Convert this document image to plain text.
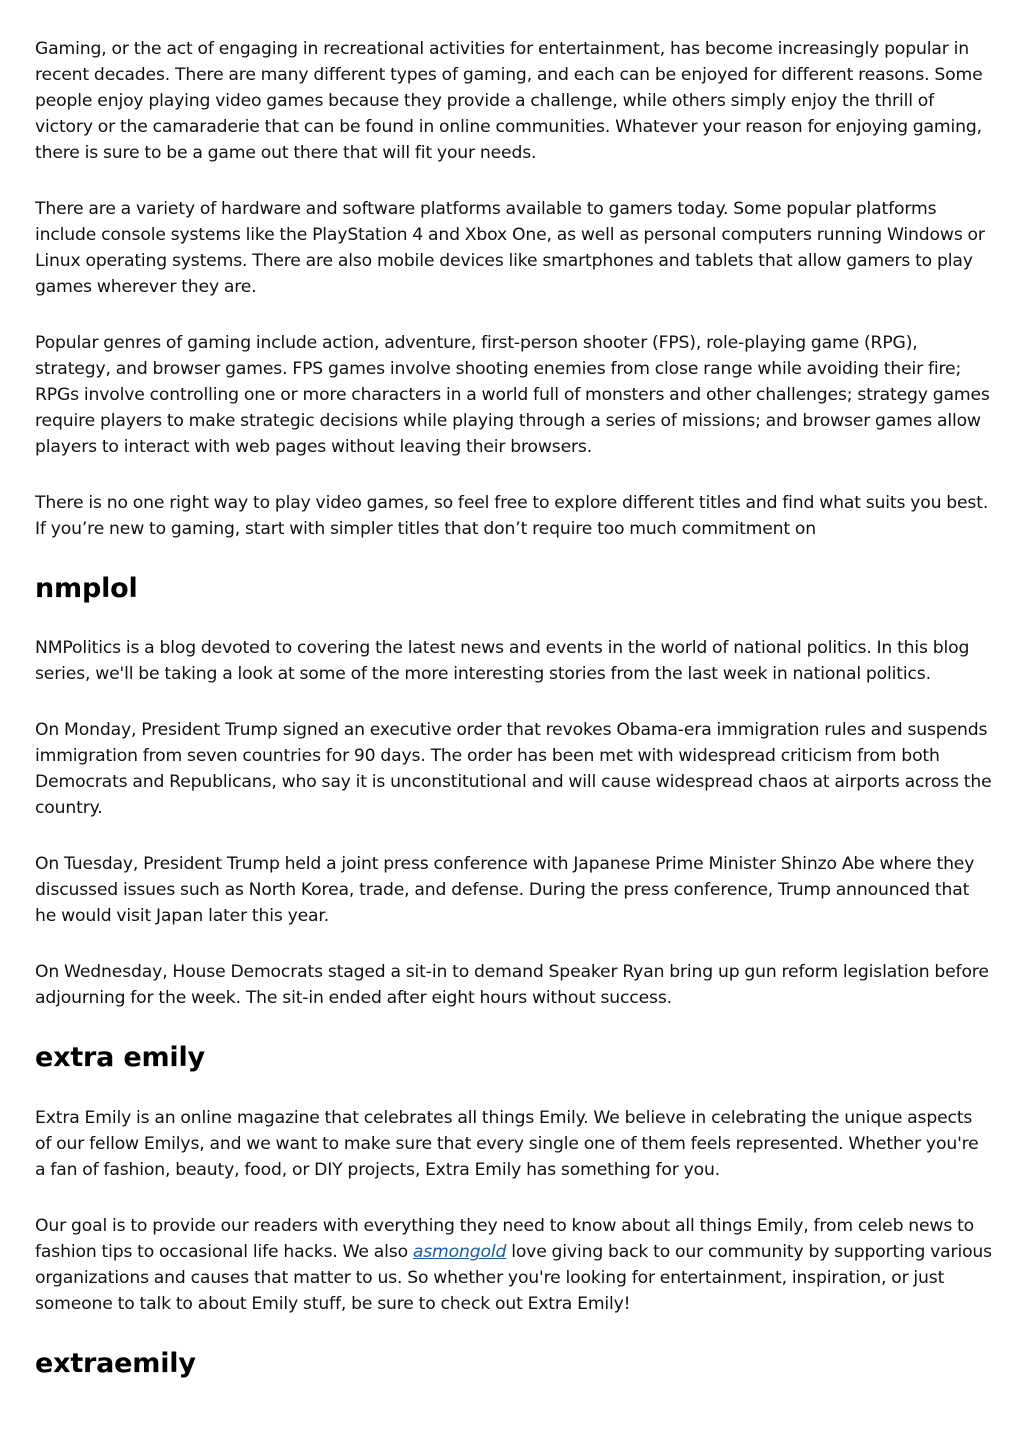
Gaming, or the act of engaging in recreational activities for entertainment, has become increasingly popular in recent decades. There are many different types of gaming, and each can be enjoyed for different reasons. Some people enjoy playing video games because they provide a challenge, while others simply enjoy the thrill of victory or the camaraderie that can be found in online communities. Whatever your reason for enjoying gaming, there is sure to be a game out there that will fit your needs.

There are a variety of hardware and software platforms available to gamers today. Some popular platforms include console systems like the PlayStation 4 and Xbox One, as well as personal computers running Windows or Linux operating systems. There are also mobile devices like smartphones and tablets that allow gamers to play games wherever they are.

Popular genres of gaming include action, adventure, first-person shooter (FPS), role-playing game (RPG), strategy, and browser games. FPS games involve shooting enemies from close range while avoiding their fire; RPGs involve controlling one or more characters in a world full of monsters and other challenges; strategy games require players to make strategic decisions while playing through a series of missions; and browser games allow players to interact with web pages without leaving their browsers.

There is no one right way to play video games, so feel free to explore different titles and find what suits you best. If you’re new to gaming, start with simpler titles that don’t require too much commitment on

nmplol

NMPolitics is a blog devoted to covering the latest news and events in the world of national politics. In this blog series, we'll be taking a look at some of the more interesting stories from the last week in national politics.

On Monday, President Trump signed an executive order that revokes Obama-era immigration rules and suspends immigration from seven countries for 90 days. The order has been met with widespread criticism from both Democrats and Republicans, who say it is unconstitutional and will cause widespread chaos at airports across the country.

On Tuesday, President Trump held a joint press conference with Japanese Prime Minister Shinzo Abe where they discussed issues such as North Korea, trade, and defense. During the press conference, Trump announced that he would visit Japan later this year.

On Wednesday, House Democrats staged a sit-in to demand Speaker Ryan bring up gun reform legislation before adjourning for the week. The sit-in ended after eight hours without success.

extra emily

Extra Emily is an online magazine that celebrates all things Emily. We believe in celebrating the unique aspects of our fellow Emilys, and we want to make sure that every single one of them feels represented. Whether you're a fan of fashion, beauty, food, or DIY projects, Extra Emily has something for you.

Our goal is to provide our readers with everything they need to know about all things Emily, from celeb news to fashion tips to occasional life hacks. We also asmongold love giving back to our community by supporting various organizations and causes that matter to us. So whether you're looking for entertainment, inspiration, or just someone to talk to about Emily stuff, be sure to check out Extra Emily!

extraemily
